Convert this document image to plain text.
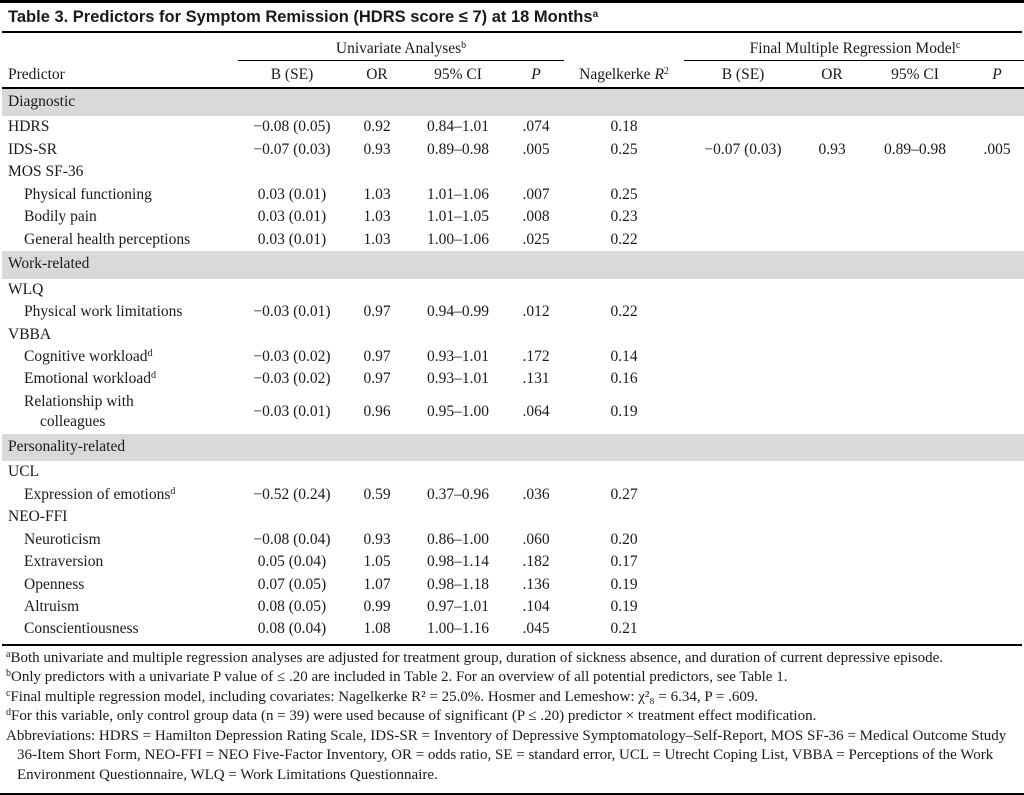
Table 3. Predictors for Symptom Remission (HDRS score ≤ 7) at 18 Months$^a$
	Univariate Analyses$^b$					Final Multiple Regression Model$^c$
Predictor	B (SE)	OR	95% CI	P	Nagelkerke $R^2$	B (SE)	OR	95% CI	P
Diagnostic									
HDRS	−0.08 (0.05)	0.92	0.84–1.01	.074	0.18				
IDS-SR	−0.07 (0.03)	0.93	0.89–0.98	.005	0.25	−0.07 (0.03)	0.93	0.89–0.98	.005
MOS SF-36									
Physical functioning	0.03 (0.01)	1.03	1.01–1.06	.007	0.25				
Bodily pain	0.03 (0.01)	1.03	1.01–1.05	.008	0.23				
General health perceptions	0.03 (0.01)	1.03	1.00–1.06	.025	0.22				
Work-related									
WLQ									
Physical work limitations	−0.03 (0.01)	0.97	0.94–0.99	.012	0.22				
VBBA									
Cognitive workload$^d$	−0.03 (0.02)	0.97	0.93–1.01	.172	0.14				
Emotional workload$^d$	−0.03 (0.02)	0.97	0.93–1.01	.131	0.16				
Relationship with
colleagues	−0.03 (0.01)	0.96	0.95–1.00	.064	0.19				
Personality-related									
UCL									
Expression of emotions$^d$	−0.52 (0.24)	0.59	0.37–0.96	.036	0.27				
NEO-FFI									
Neuroticism	−0.08 (0.04)	0.93	0.86–1.00	.060	0.20				
Extraversion	0.05 (0.04)	1.05	0.98–1.14	.182	0.17				
Openness	0.07 (0.05)	1.07	0.98–1.18	.136	0.19				
Altruism	0.08 (0.05)	0.99	0.97–1.01	.104	0.19				
Conscientiousness	0.08 (0.04)	1.08	1.00–1.16	.045	0.21				
$^a$Both univariate and multiple regression analyses are adjusted for treatment group, duration of sickness absence, and duration of current depressive episode.
$^b$Only predictors with a univariate P value of ≤ .20 are included in Table 2. For an overview of all potential predictors, see Table 1.
$^c$Final multiple regression model, including covariates: Nagelkerke R² = 25.0%. Hosmer and Lemeshow: χ²₈ = 6.34, P = .609.
$^d$For this variable, only control group data (n = 39) were used because of significant (P ≤ .20) predictor × treatment effect modification.
Abbreviations: HDRS = Hamilton Depression Rating Scale, IDS-SR = Inventory of Depressive Symptomatology–Self-Report, MOS SF-36 = Medical Outcome Study 36-Item Short Form, NEO-FFI = NEO Five-Factor Inventory, OR = odds ratio, SE = standard error, UCL = Utrecht Coping List, VBBA = Perceptions of the Work Environment Questionnaire, WLQ = Work Limitations Questionnaire.
